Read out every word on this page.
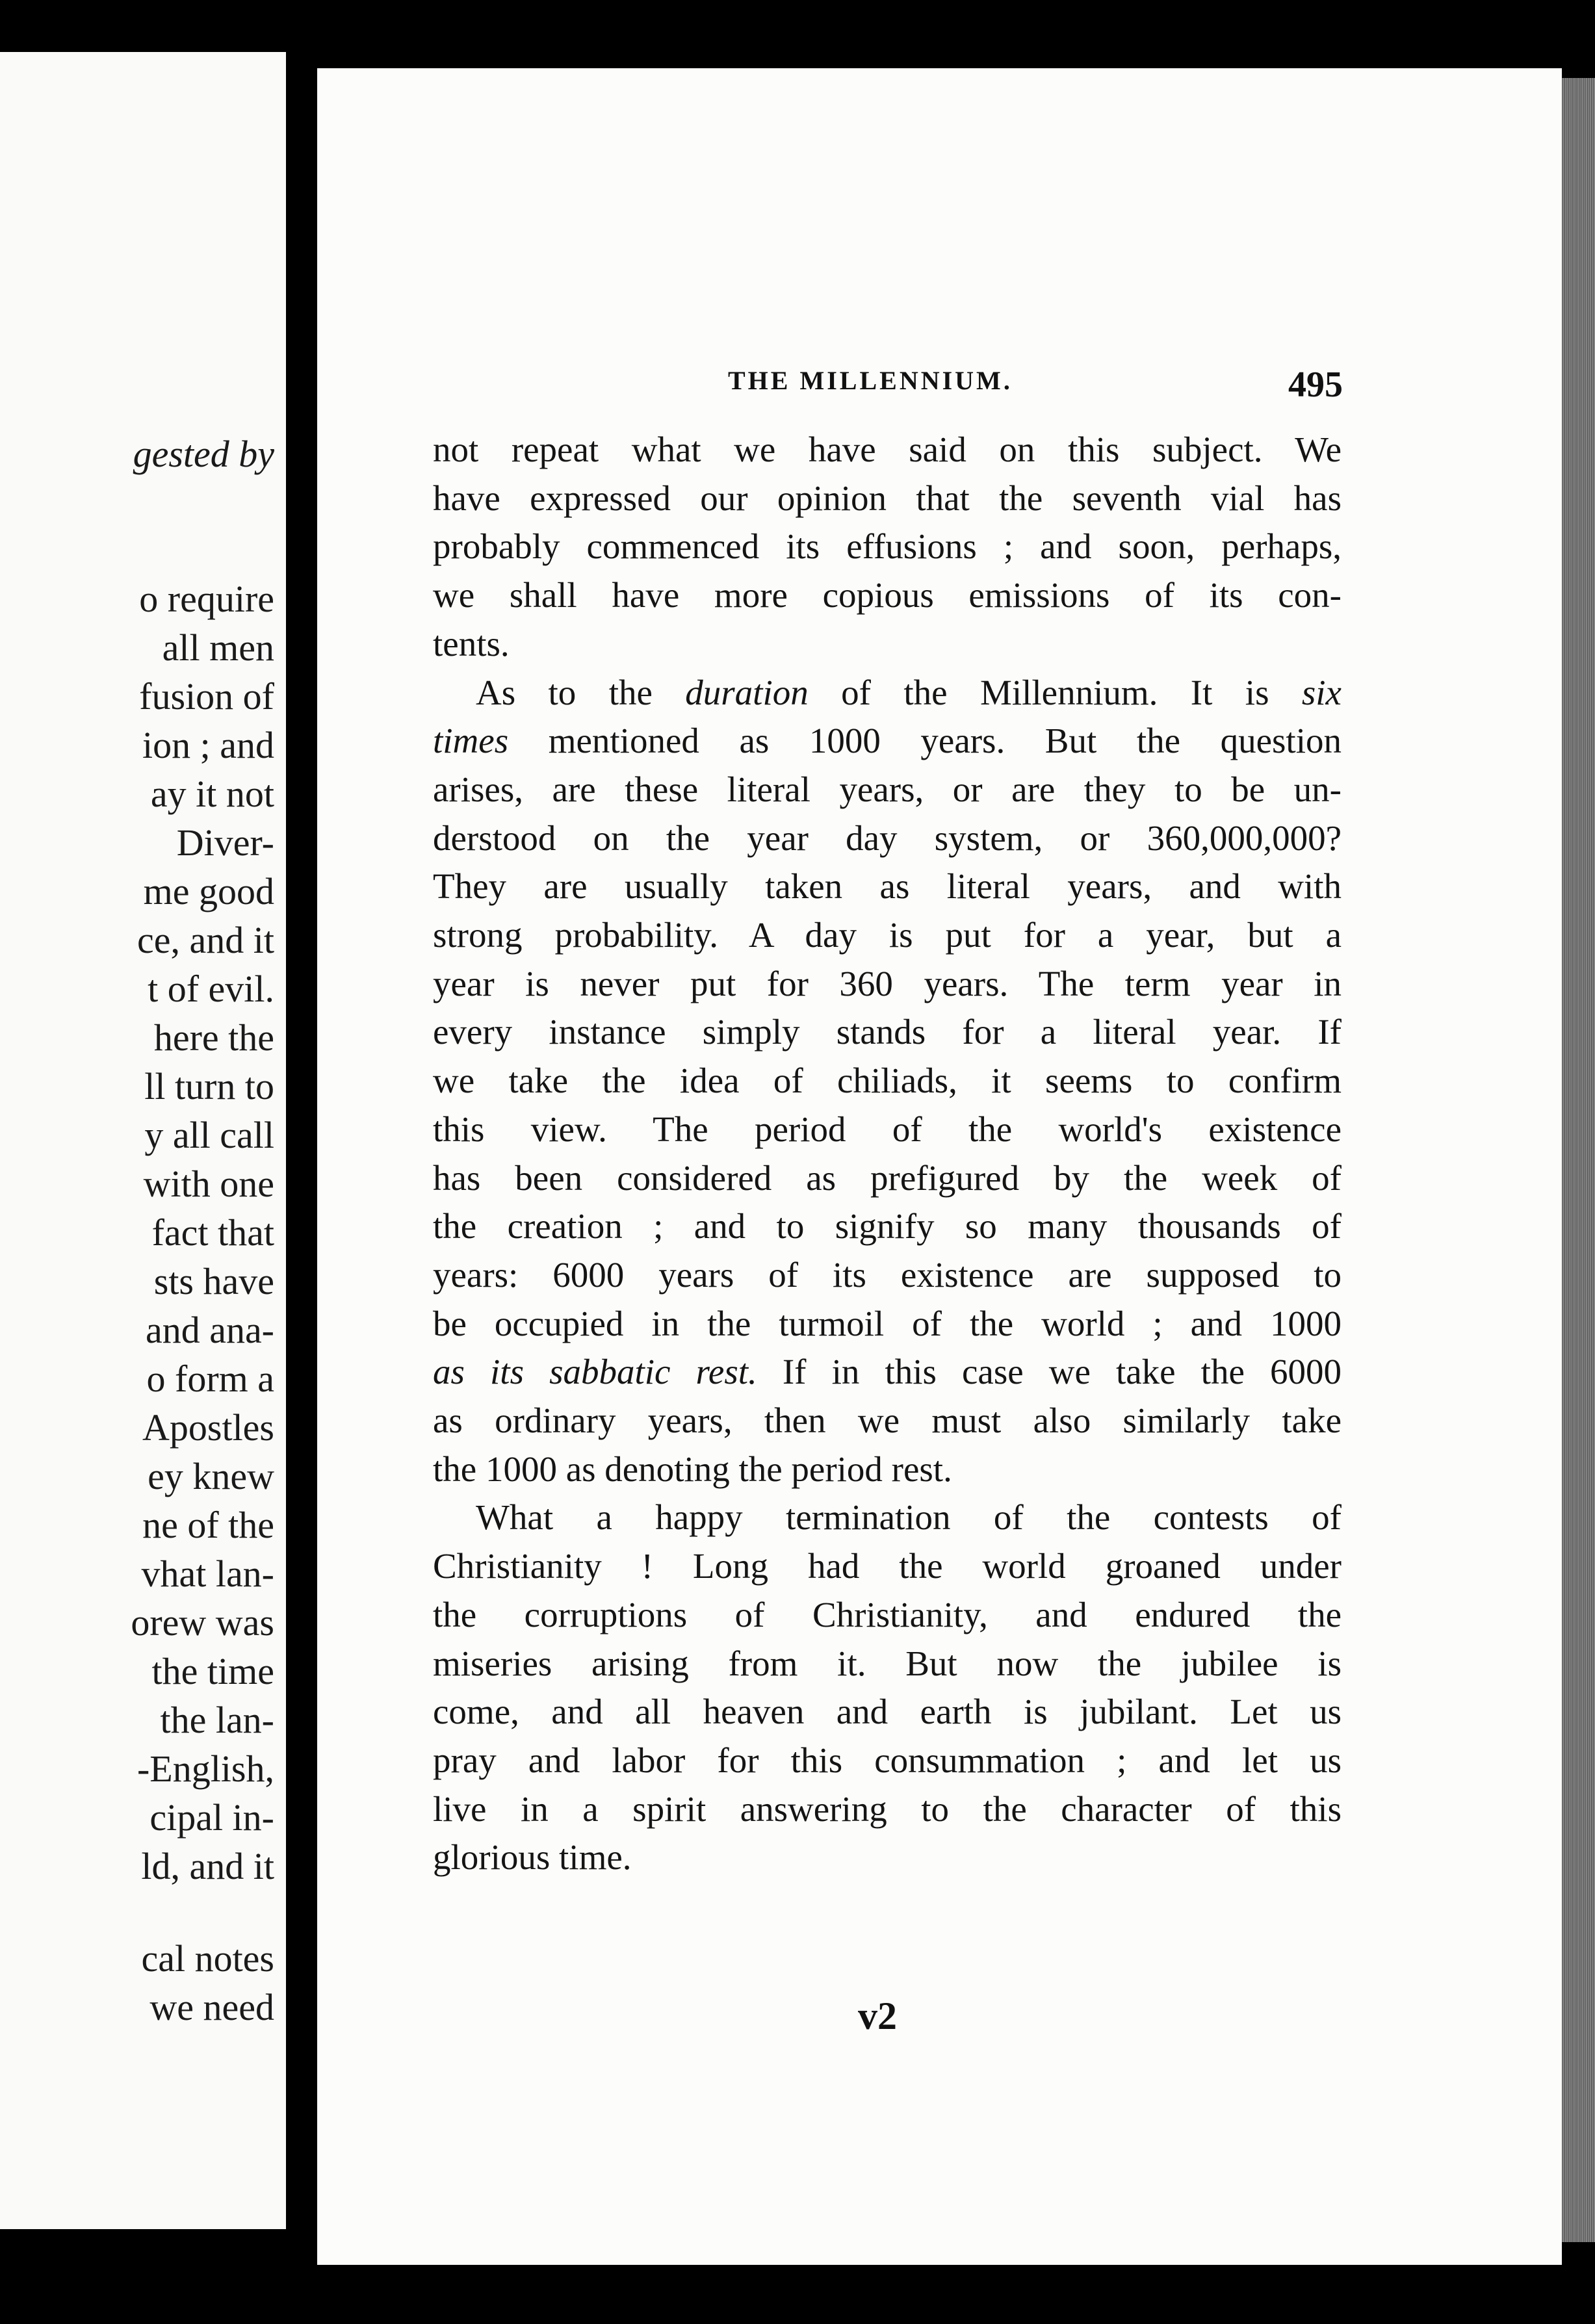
gested by
o require
all men
fusion of
ion ; and
ay it not
Diver-
me good
ce, and it
t of evil.
here the
ll turn to
y all call
with one
fact that
sts have
and ana-
o form a
Apostles
ey knew
ne of the
vhat lan-
orew was
the time
the lan-
-English,
cipal in-
ld, and it
cal notes
we need
THE MILLENNIUM.	495

not repeat what we have said on this subject. We

have expressed our opinion that the seventh vial has

probably commenced its effusions ; and soon, perhaps,

we shall have more copious emissions of its con-

tents.

As to the duration of the Millennium. It is six

times mentioned as 1000 years. But the question

arises, are these literal years, or are they to be un-

derstood on the year day system, or 360,000,000?

They are usually taken as literal years, and with

strong probability. A day is put for a year, but a

year is never put for 360 years. The term year in

every instance simply stands for a literal year. If

we take the idea of chiliads, it seems to confirm

this view. The period of the world's existence

has been considered as prefigured by the week of

the creation ; and to signify so many thousands of

years: 6000 years of its existence are supposed to

be occupied in the turmoil of the world ; and 1000

as its sabbatic rest. If in this case we take the 6000

as ordinary years, then we must also similarly take

the 1000 as denoting the period rest.

What a happy termination of the contests of

Christianity ! Long had the world groaned under

the corruptions of Christianity, and endured the

miseries arising from it. But now the jubilee is

come, and all heaven and earth is jubilant. Let us

pray and labor for this consummation ; and let us

live in a spirit answering to the character of this

glorious time.

v2
